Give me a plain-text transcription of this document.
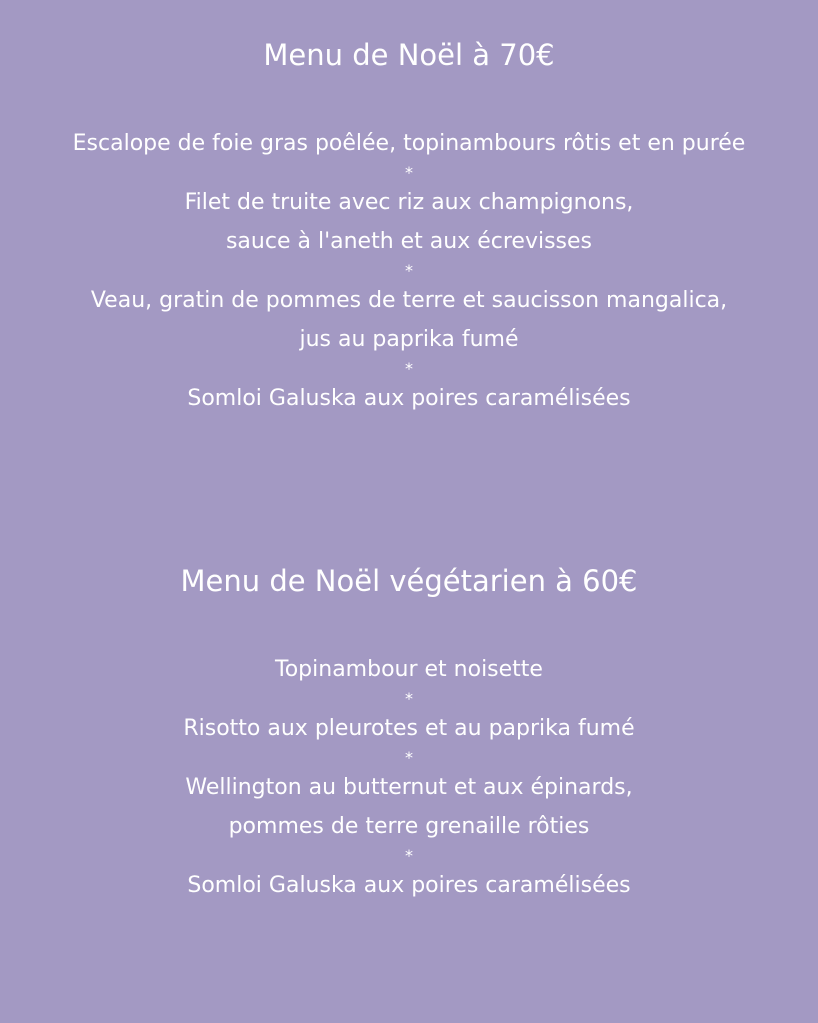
Menu de Noël à 70€
Escalope de foie gras poêlée, topinambours rôtis et en purée
*
Filet de truite avec riz aux champignons,
sauce à l'aneth et aux écrevisses
*
Veau, gratin de pommes de terre et saucisson mangalica,
jus au paprika fumé
*
Somloi Galuska aux poires caramélisées
Menu de Noël végétarien à 60€
Topinambour et noisette
*
Risotto aux pleurotes et au paprika fumé
*
Wellington au butternut et aux épinards,
pommes de terre grenaille rôties
*
Somloi Galuska aux poires caramélisées
